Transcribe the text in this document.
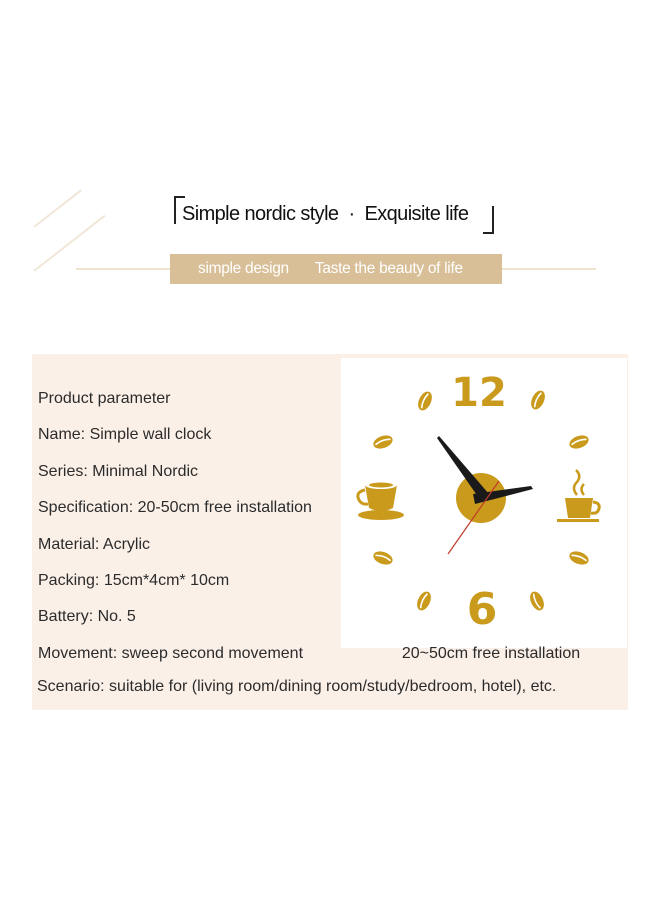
Simple nordic style · Exquisite life
simple design Taste the beauty of life
Product parameter
Name: Simple wall clock
Series: Minimal Nordic
Specification: 20-50cm free installation
Material: Acrylic
Packing: 15cm*4cm* 10cm
Battery: No. 5
Movement: sweep second movement
12
6
20~50cm free installation
Scenario: suitable for (living room/dining room/study/bedroom, hotel), etc.
